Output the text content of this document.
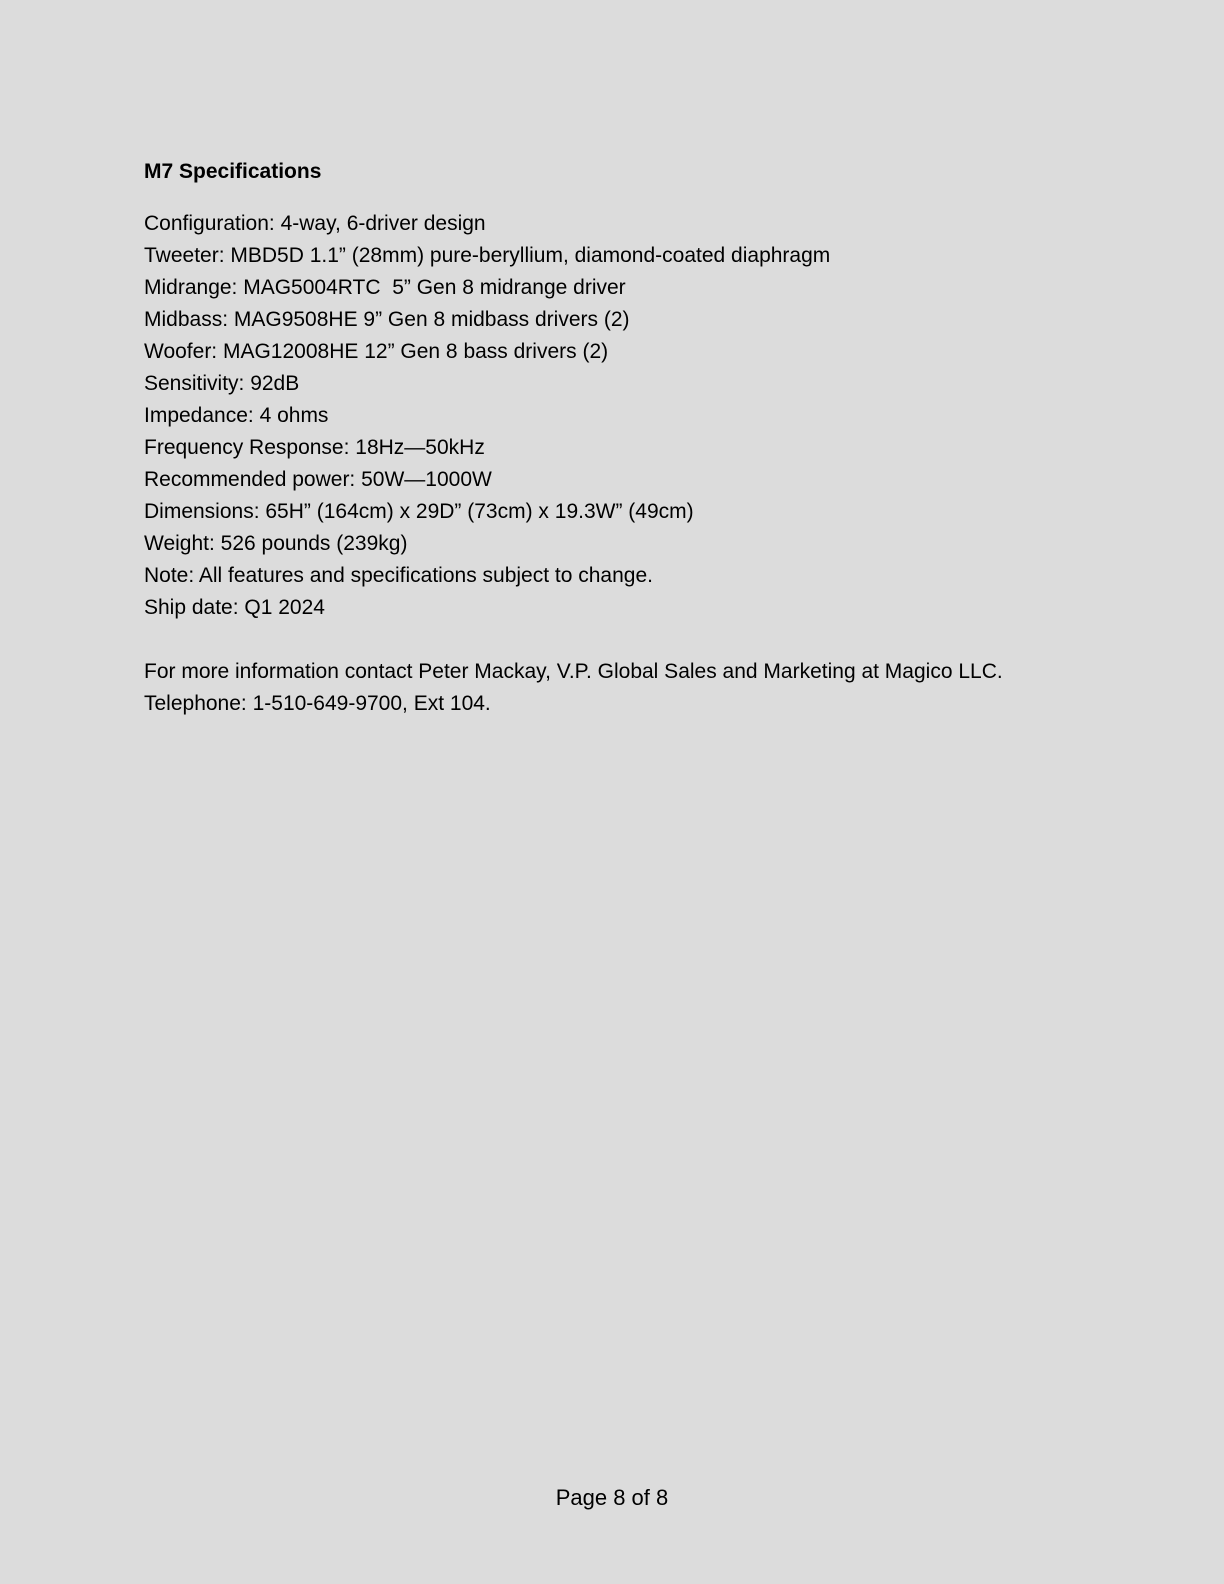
M7 Specifications
Configuration: 4-way, 6-driver design
Tweeter: MBD5D 1.1” (28mm) pure-beryllium, diamond-coated diaphragm
Midrange: MAG5004RTC  5” Gen 8 midrange driver
Midbass: MAG9508HE 9” Gen 8 midbass drivers (2)
Woofer: MAG12008HE 12” Gen 8 bass drivers (2)
Sensitivity: 92dB
Impedance: 4 ohms
Frequency Response: 18Hz—50kHz
Recommended power: 50W—1000W
Dimensions: 65H” (164cm) x 29D” (73cm) x 19.3W” (49cm)
Weight: 526 pounds (239kg)
Note: All features and specifications subject to change.
Ship date: Q1 2024
For more information contact Peter Mackay, V.P. Global Sales and Marketing at Magico LLC.
Telephone: 1-510-649-9700, Ext 104.
Page 8 of 8
